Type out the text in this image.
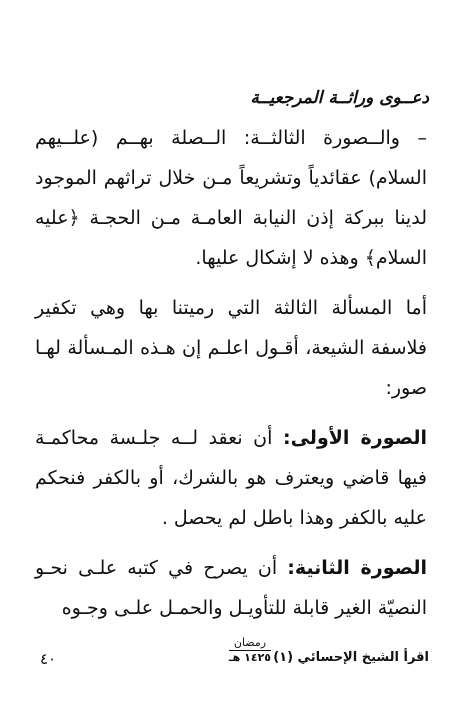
دعــوى وراثــة المرجعيــة

– والــصورة الثالثــة: الــصلة بهــم (علــيهم السلام) عقائدياً وتشريعاً مـن خلال تراثهم الموجود لدينا ببركة إذن النيابة العامـة مـن الحجـة ﴿عليه السلام﴾ وهذه لا إشكال عليها.

أما المسألة الثالثة التي رميتنا بها وهي تكفير فلاسفة الشيعة، أقـول اعلـم إن هـذه المـسألة لهـا صور:

الصورة الأولى: أن نعقد لــه جلـسة محاكمـة فيها قاضي ويعترف هو بالشرك، أو بالكفر فنحكم عليه بالكفر وهذا باطل لم يحصل .

الصورة الثانية: أن يصرح في كتبه علـى نحـو النصيّة الغير قابلة للتأويـل والحمـل علـى وجـوه

٤٠
رمضان
١٤٢٥ هـ اقرأ الشيخ الإحسائي (١)
